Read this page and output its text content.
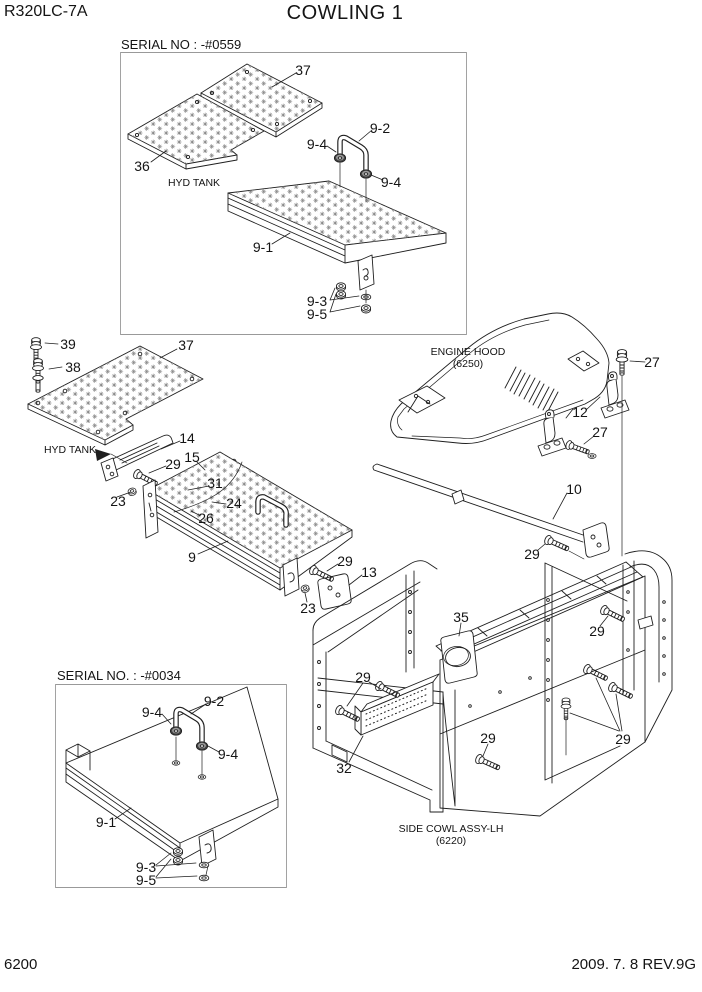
R320LC-7A	COWLING 1
SERIAL NO : -#0559
SERIAL NO. : -#0034
HYD TANK
HYD TANK
ENGINE HOOD
(6250)
SIDE COWL ASSY-LH
(6220)
37
36
9-2
9-4
9-4
9-1
9-3
9-5
39
38
37
14
29 15
23
31
24
26
9	29
13
23
27
12
27
10
29
29
35
29
32
29	29
9-2
9-4
9-4
9-1
9-3
9-5
6200	2009. 7. 8 REV.9G
